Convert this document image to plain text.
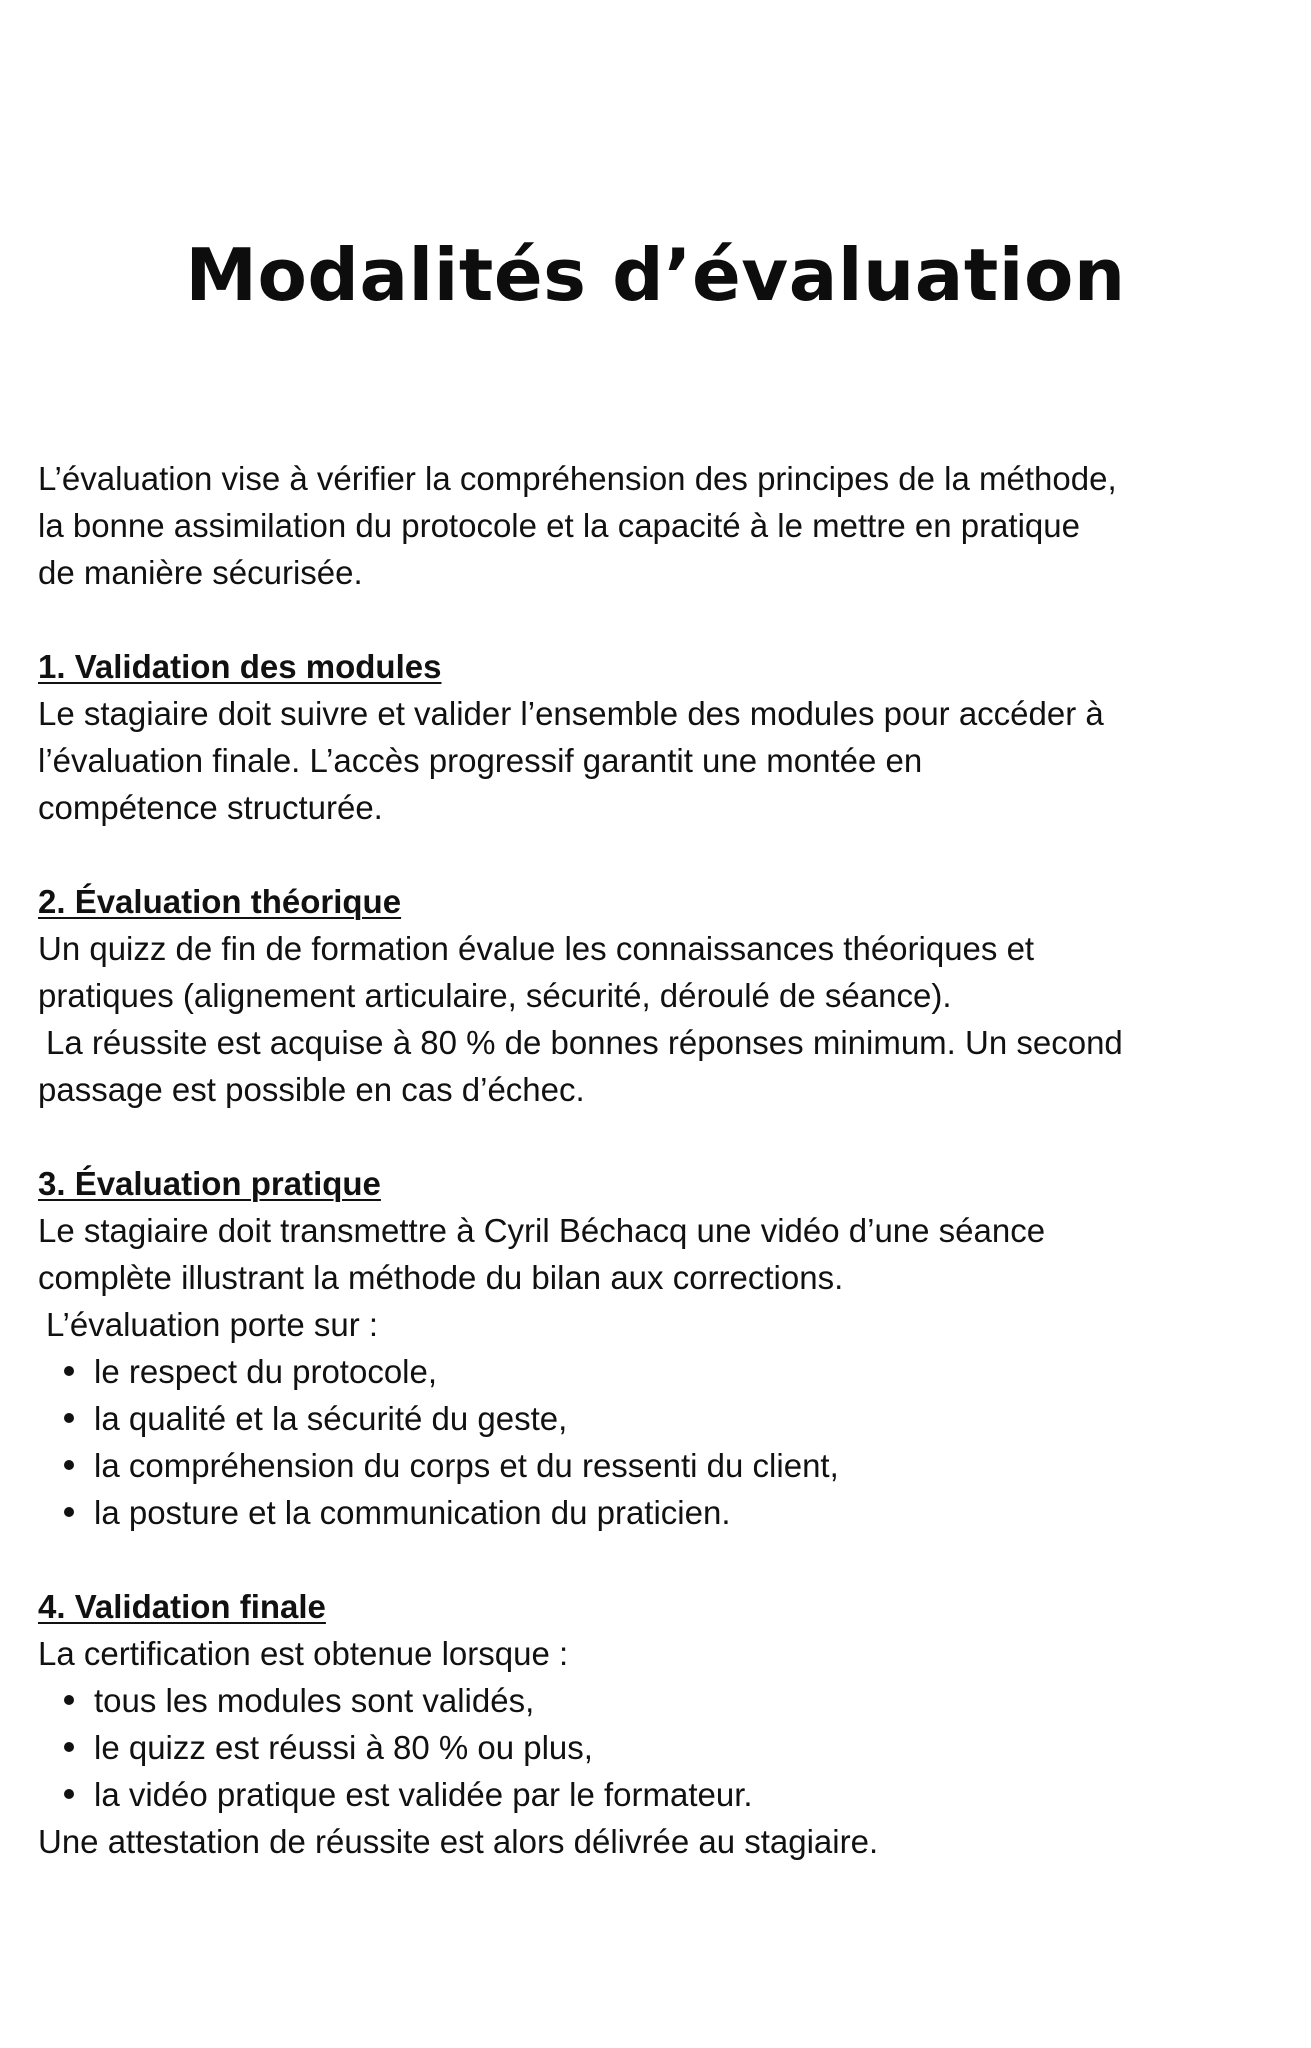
Modalités d’évaluation

L’évaluation vise à vérifier la compréhension des principes de la méthode,

la bonne assimilation du protocole et la capacité à le mettre en pratique

de manière sécurisée.

1. Validation des modules

Le stagiaire doit suivre et valider l’ensemble des modules pour accéder à

l’évaluation finale. L’accès progressif garantit une montée en

compétence structurée.

2. Évaluation théorique

Un quizz de fin de formation évalue les connaissances théoriques et

pratiques (alignement articulaire, sécurité, déroulé de séance).

La réussite est acquise à 80 % de bonnes réponses minimum. Un second

passage est possible en cas d’échec.

3. Évaluation pratique

Le stagiaire doit transmettre à Cyril Béchacq une vidéo d’une séance

complète illustrant la méthode du bilan aux corrections.

L’évaluation porte sur :

le respect du protocole,
la qualité et la sécurité du geste,
la compréhension du corps et du ressenti du client,
la posture et la communication du praticien.

4. Validation finale

La certification est obtenue lorsque :

tous les modules sont validés,
le quizz est réussi à 80 % ou plus,
la vidéo pratique est validée par le formateur.

Une attestation de réussite est alors délivrée au stagiaire.
